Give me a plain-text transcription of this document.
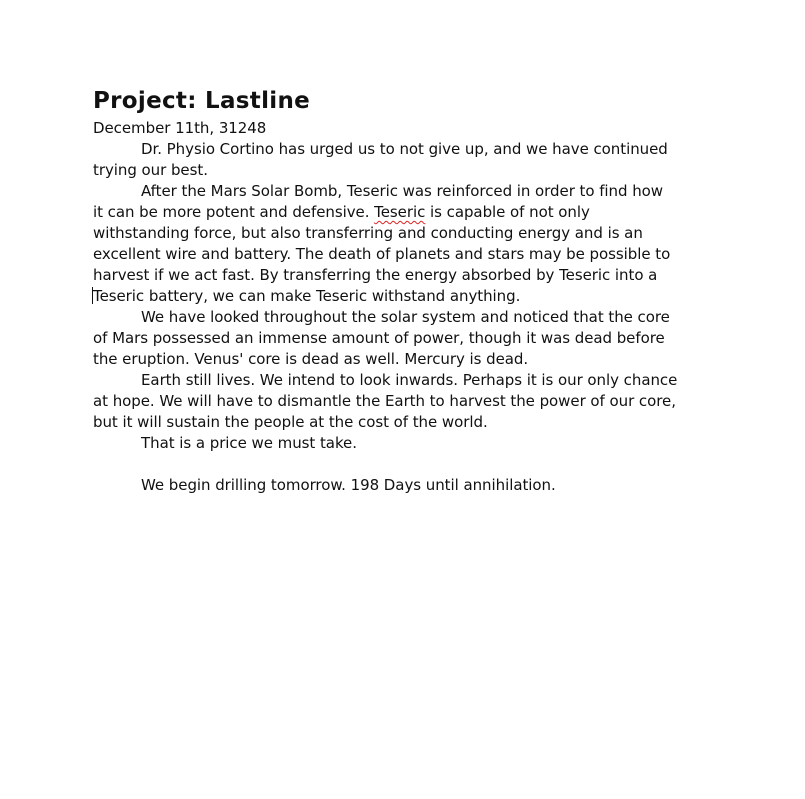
Project: Lastline
December 11th, 31248

Dr. Physio Cortino has urged us to not give up, and we have continued
trying our best.

After the Mars Solar Bomb, Teseric was reinforced in order to find how
it can be more potent and defensive. Teseric is capable of not only
withstanding force, but also transferring and conducting energy and is an
excellent wire and battery. The death of planets and stars may be possible to
harvest if we act fast. By transferring the energy absorbed by Teseric into a
Teseric battery, we can make Teseric withstand anything.

We have looked throughout the solar system and noticed that the core
of Mars possessed an immense amount of power, though it was dead before
the eruption. Venus' core is dead as well. Mercury is dead.

Earth still lives. We intend to look inwards. Perhaps it is our only chance
at hope. We will have to dismantle the Earth to harvest the power of our core,
but it will sustain the people at the cost of the world.

That is a price we must take.

We begin drilling tomorrow. 198 Days until annihilation.
